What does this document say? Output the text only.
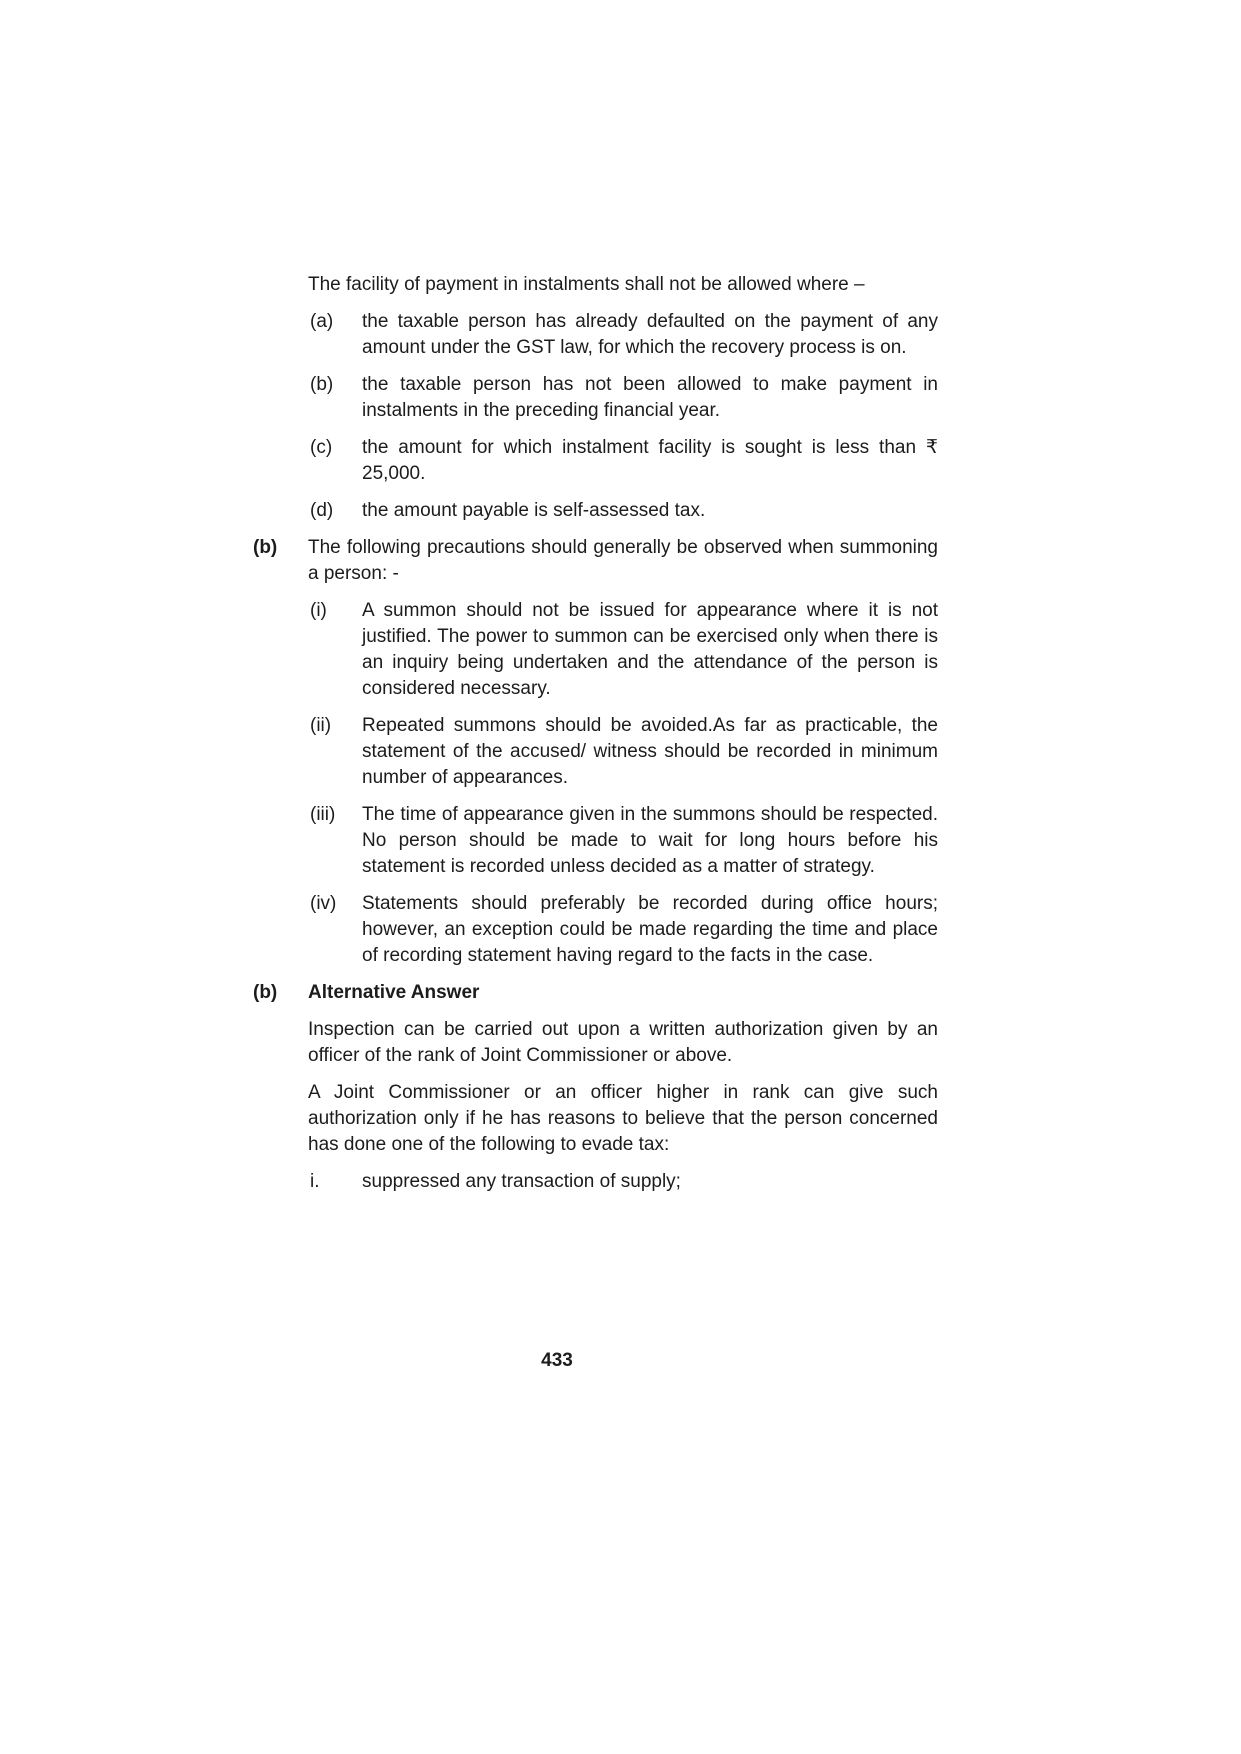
The facility of payment in instalments shall not be allowed where –
(a)	the taxable person has already defaulted on the payment of any amount under the GST law, for which the recovery process is on.
(b)	the taxable person has not been allowed to make payment in instalments in the preceding financial year.
(c)	the amount for which instalment facility is sought is less than ₹ 25,000.
(d)	the amount payable is self-assessed tax.
(b)	The following precautions should generally be observed when summoning a person: -
(i)	A summon should not be issued for appearance where it is not justified. The power to summon can be exercised only when there is an inquiry being undertaken and the attendance of the person is considered necessary.
(ii)	Repeated summons should be avoided.As far as practicable, the statement of the accused/ witness should be recorded in minimum number of appearances.
(iii)	The time of appearance given in the summons should be respected. No person should be made to wait for long hours before his statement is recorded unless decided as a matter of strategy.
(iv)	Statements should preferably be recorded during office hours; however, an exception could be made regarding the time and place of recording statement having regard to the facts in the case.
(b)	Alternative Answer
Inspection can be carried out upon a written authorization given by an officer of the rank of Joint Commissioner or above.
A Joint Commissioner or an officer higher in rank can give such authorization only if he has reasons to believe that the person concerned has done one of the following to evade tax:
i.	suppressed any transaction of supply;
433
